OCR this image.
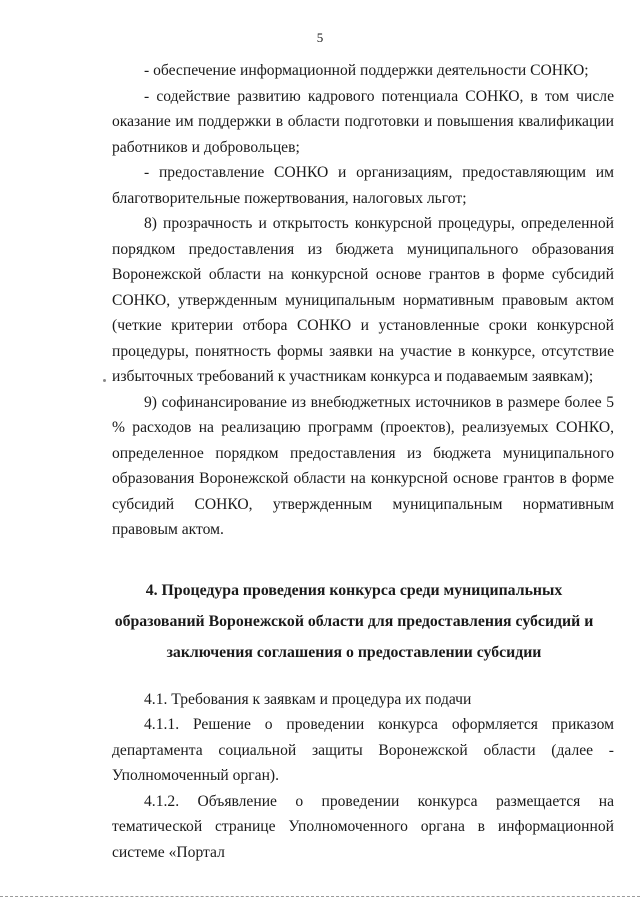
5

- обеспечение информационной поддержки деятельности СОНКО;

- содействие развитию кадрового потенциала СОНКО, в том числе оказание им поддержки в области подготовки и повышения квалификации работников и добровольцев;

- предоставление СОНКО и организациям, предоставляющим им благотворительные пожертвования, налоговых льгот;

8) прозрачность и открытость конкурсной процедуры, определенной порядком предоставления из бюджета муниципального образования Воронежской области на конкурсной основе грантов в форме субсидий СОНКО, утвержденным муниципальным нормативным правовым актом (четкие критерии отбора СОНКО и установленные сроки конкурсной процедуры, понятность формы заявки на участие в конкурсе, отсутствие избыточных требований к участникам конкурса и подаваемым заявкам);

9) софинансирование из внебюджетных источников в размере более 5 % расходов на реализацию программ (проектов), реализуемых СОНКО, определенное порядком предоставления из бюджета муниципального образования Воронежской области на конкурсной основе грантов в форме субсидий СОНКО, утвержденным муниципальным нормативным правовым актом.

4. Процедура проведения конкурса среди муниципальных образований Воронежской области для предоставления субсидий и заключения соглашения о предоставлении субсидии

4.1. Требования к заявкам и процедура их подачи

4.1.1. Решение о проведении конкурса оформляется приказом департамента социальной защиты Воронежской области (далее - Уполномоченный орган).

4.1.2. Объявление о проведении конкурса размещается на тематической странице Уполномоченного органа в информационной системе «Портал
